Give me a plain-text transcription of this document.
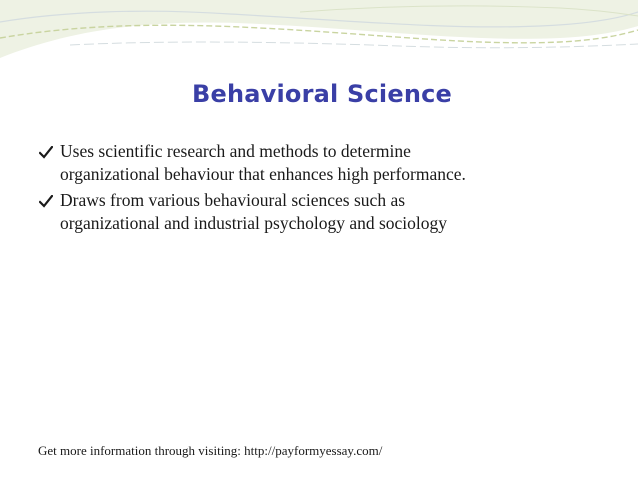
Behavioral Science
Uses scientific research and methods to determine
organizational behaviour that enhances high performance.
Draws from various behavioural sciences such as
organizational and industrial psychology and sociology
Get more information through visiting: http://payformyessay.com/
